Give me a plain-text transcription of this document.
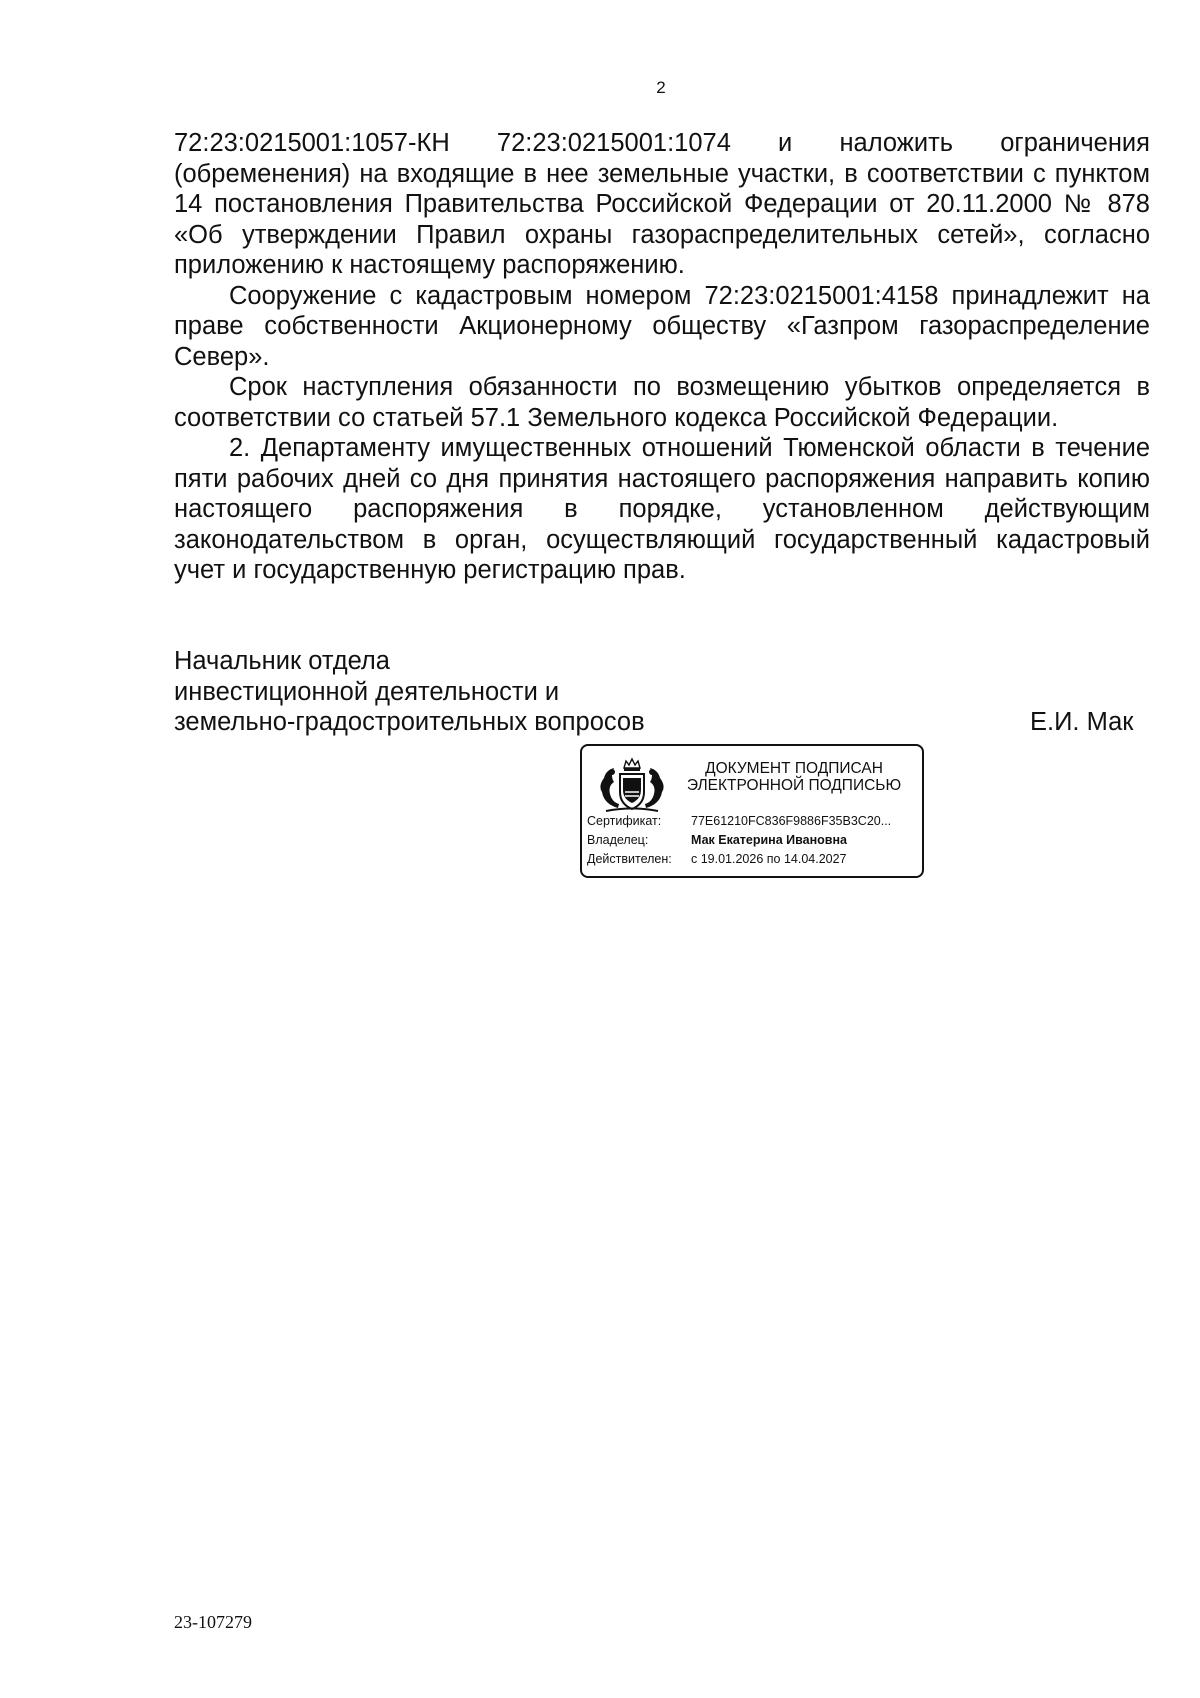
2

72:23:0215001:1057-КН 72:23:0215001:1074 и наложить ограничения (обременения) на входящие в нее земельные участки, в соответствии с пунктом 14 постановления Правительства Российской Федерации от 20.11.2000 № 878 «Об утверждении Правил охраны газораспределительных сетей», согласно приложению к настоящему распоряжению.

Сооружение с кадастровым номером 72:23:0215001:4158 принадлежит на праве собственности Акционерному обществу «Газпром газораспределение Север».

Срок наступления обязанности по возмещению убытков определяется в соответствии со статьей 57.1 Земельного кодекса Российской Федерации.

2. Департаменту имущественных отношений Тюменской области в течение пяти рабочих дней со дня принятия настоящего распоряжения направить копию настоящего распоряжения в порядке, установленном действующим законодательством в орган, осуществляющий государственный кадастровый учет и государственную регистрацию прав.

Начальник отдела
инвестиционной деятельности и
земельно-градостроительных вопросов	Е.И. Мак
ДОКУМЕНТ ПОДПИСАН
ЭЛЕКТРОННОЙ ПОДПИСЬЮ
Сертификат: 77E61210FC836F9886F35B3C20...
Владелец:	Мак Екатерина Ивановна
Действителен: с 19.01.2026 по 14.04.2027
23-107279
